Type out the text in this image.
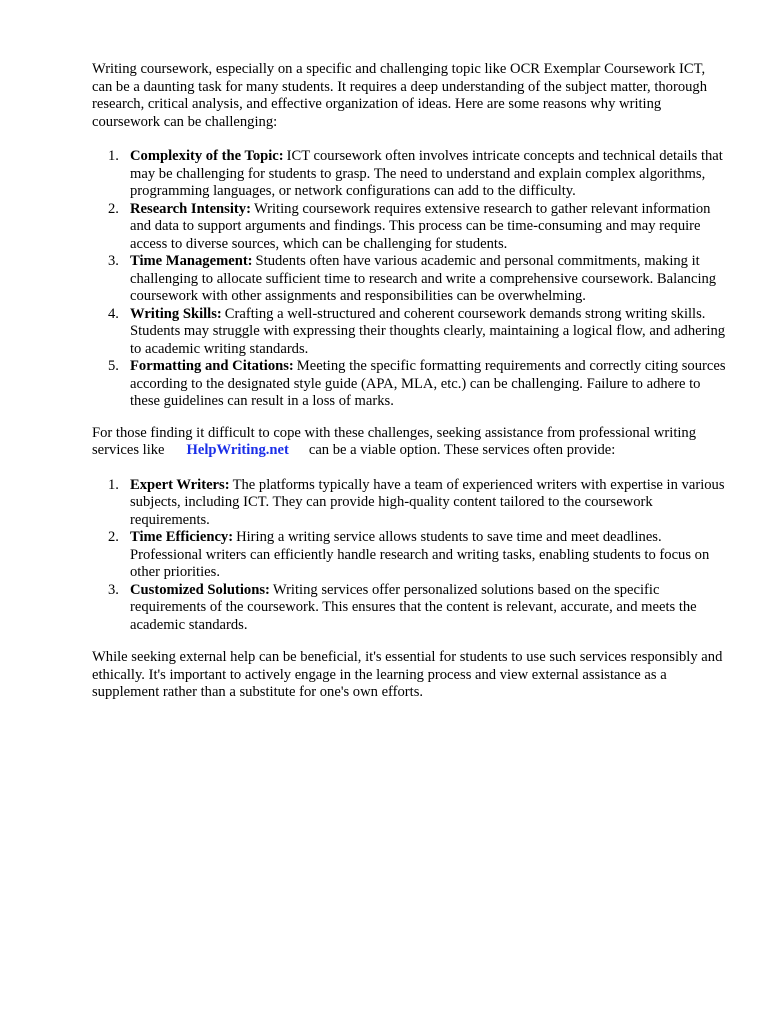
Writing coursework, especially on a specific and challenging topic like OCR Exemplar Coursework ICT, can be a daunting task for many students. It requires a deep understanding of the subject matter, thorough research, critical analysis, and effective organization of ideas. Here are some reasons why writing coursework can be challenging:

1. Complexity of the Topic: ICT coursework often involves intricate concepts and technical details that may be challenging for students to grasp. The need to understand and explain complex algorithms, programming languages, or network configurations can add to the difficulty.
2. Research Intensity: Writing coursework requires extensive research to gather relevant information and data to support arguments and findings. This process can be time-consuming and may require access to diverse sources, which can be challenging for students.
3. Time Management: Students often have various academic and personal commitments, making it challenging to allocate sufficient time to research and write a comprehensive coursework. Balancing coursework with other assignments and responsibilities can be overwhelming.
4. Writing Skills: Crafting a well-structured and coherent coursework demands strong writing skills. Students may struggle with expressing their thoughts clearly, maintaining a logical flow, and adhering to academic writing standards.
5. Formatting and Citations: Meeting the specific formatting requirements and correctly citing sources according to the designated style guide (APA, MLA, etc.) can be challenging. Failure to adhere to these guidelines can result in a loss of marks.

For those finding it difficult to cope with these challenges, seeking assistance from professional writing services like HelpWriting.net can be a viable option. These services often provide:

1. Expert Writers: The platforms typically have a team of experienced writers with expertise in various subjects, including ICT. They can provide high-quality content tailored to the coursework requirements.
2. Time Efficiency: Hiring a writing service allows students to save time and meet deadlines. Professional writers can efficiently handle research and writing tasks, enabling students to focus on other priorities.
3. Customized Solutions: Writing services offer personalized solutions based on the specific requirements of the coursework. This ensures that the content is relevant, accurate, and meets the academic standards.

While seeking external help can be beneficial, it's essential for students to use such services responsibly and ethically. It's important to actively engage in the learning process and view external assistance as a supplement rather than a substitute for one's own efforts.
